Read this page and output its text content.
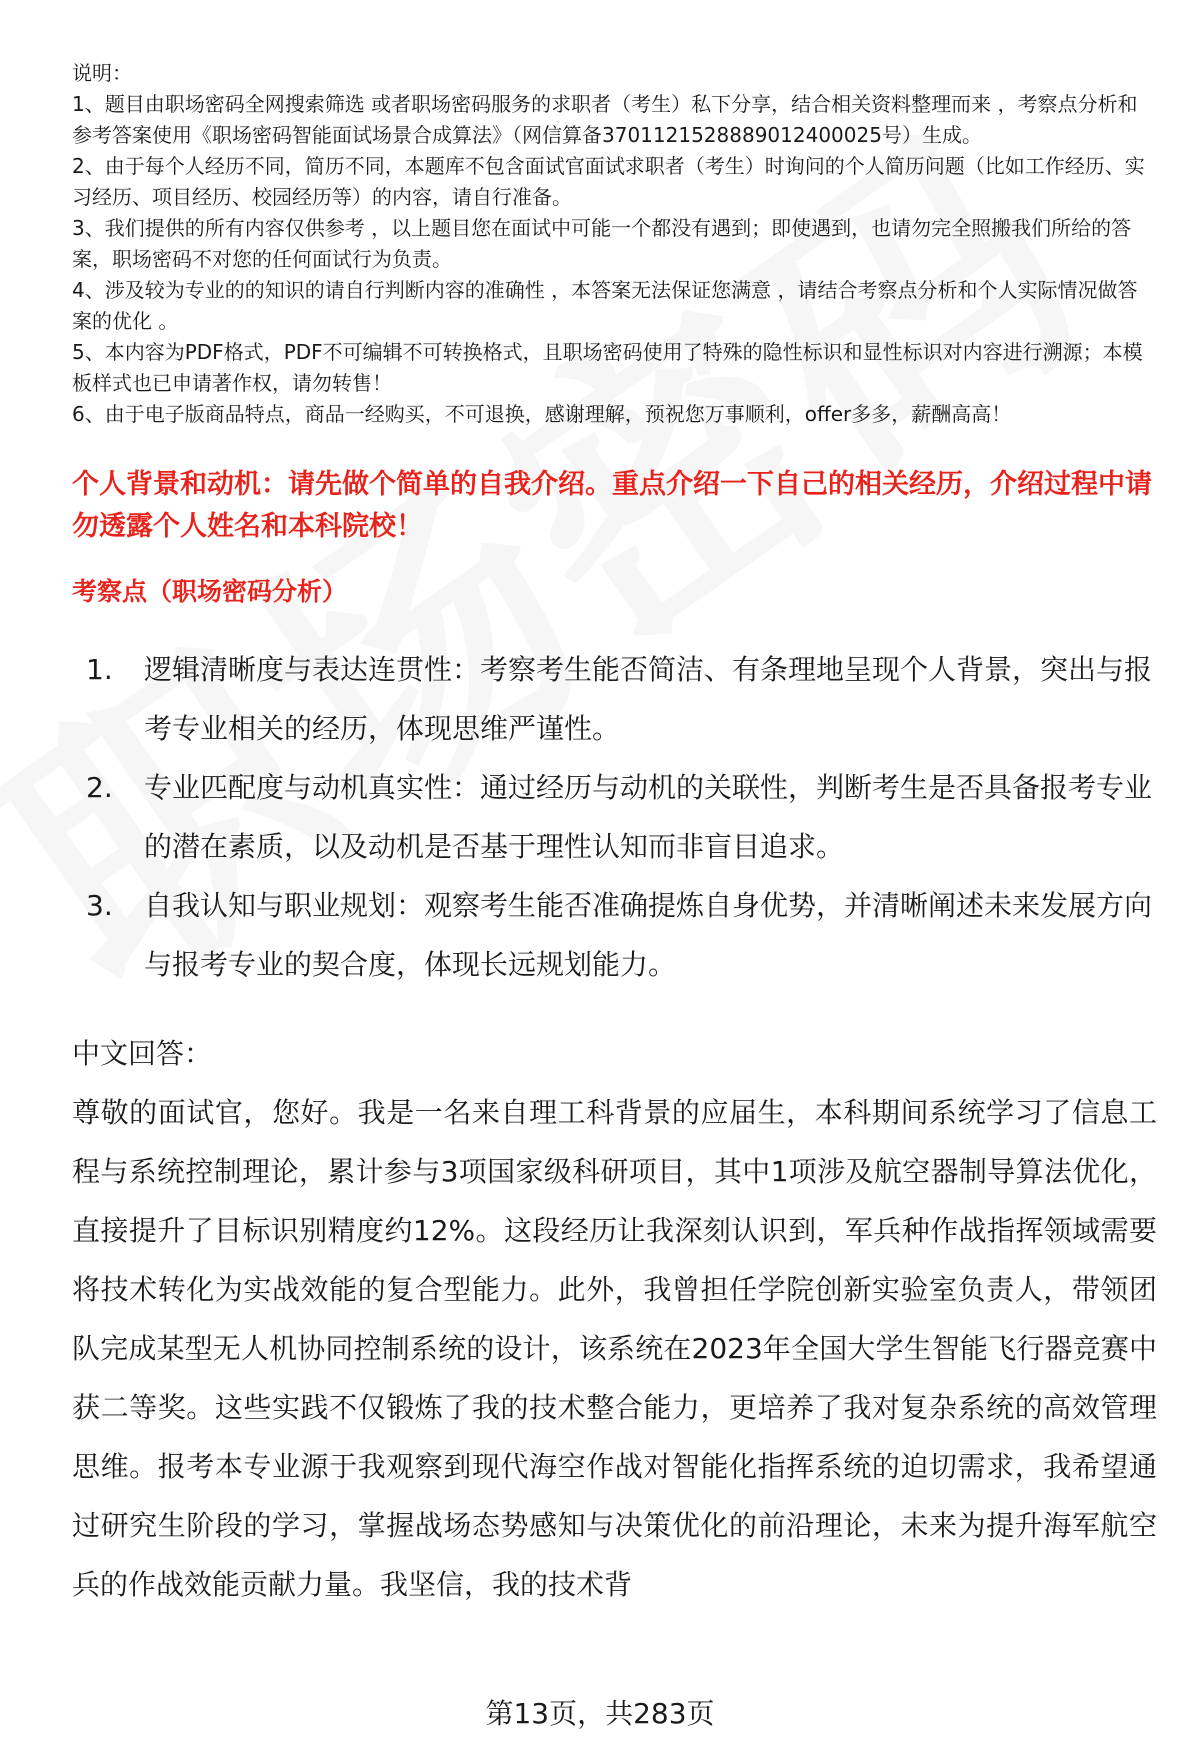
说明：

1、题目由职场密码全网搜索筛选 或者职场密码服务的求职者（考生）私下分享，结合相关资料整理而来 ，考察点分析和参考答案使用《职场密码智能面试场景合成算法》（网信算备3701121528889012400025号）生成。

2、由于每个人经历不同，简历不同，本题库不包含面试官面试求职者（考生）时询问的个人简历问题（比如工作经历、实习经历、项目经历、校园经历等）的内容，请自行准备。

3、我们提供的所有内容仅供参考 ，以上题目您在面试中可能一个都没有遇到；即使遇到，也请勿完全照搬我们所给的答案，职场密码不对您的任何面试行为负责。

4、涉及较为专业的的知识的请自行判断内容的准确性 ，本答案无法保证您满意 ，请结合考察点分析和个人实际情况做答案的优化 。

5、本内容为PDF格式，PDF不可编辑不可转换格式，且职场密码使用了特殊的隐性标识和显性标识对内容进行溯源；本模板样式也已申请著作权，请勿转售！

6、由于电子版商品特点，商品一经购买，不可退换，感谢理解，预祝您万事顺利，offer多多，薪酬高高！

个人背景和动机：请先做个简单的自我介绍。重点介绍一下自己的相关经历，介绍过程中请勿透露个人姓名和本科院校！

考察点（职场密码分析）

1.	逻辑清晰度与表达连贯性：考察考生能否简洁、有条理地呈现个人背景，突出与报考专业相关的经历，体现思维严谨性。
2.	专业匹配度与动机真实性：通过经历与动机的关联性，判断考生是否具备报考专业的潜在素质，以及动机是否基于理性认知而非盲目追求。
3.	自我认知与职业规划：观察考生能否准确提炼自身优势，并清晰阐述未来发展方向与报考专业的契合度，体现长远规划能力。

中文回答：

尊敬的面试官，您好。我是一名来自理工科背景的应届生，本科期间系统学习了信息工程与系统控制理论，累计参与3项国家级科研项目，其中1项涉及航空器制导算法优化，直接提升了目标识别精度约12%。这段经历让我深刻认识到，军兵种作战指挥领域需要将技术转化为实战效能的复合型能力。此外，我曾担任学院创新实验室负责人，带领团队完成某型无人机协同控制系统的设计，该系统在2023年全国大学生智能飞行器竞赛中获二等奖。这些实践不仅锻炼了我的技术整合能力，更培养了我对复杂系统的高效管理思维。报考本专业源于我观察到现代海空作战对智能化指挥系统的迫切需求，我希望通过研究生阶段的学习，掌握战场态势感知与决策优化的前沿理论，未来为提升海军航空兵的作战效能贡献力量。我坚信，我的技术背

第13页，共283页
